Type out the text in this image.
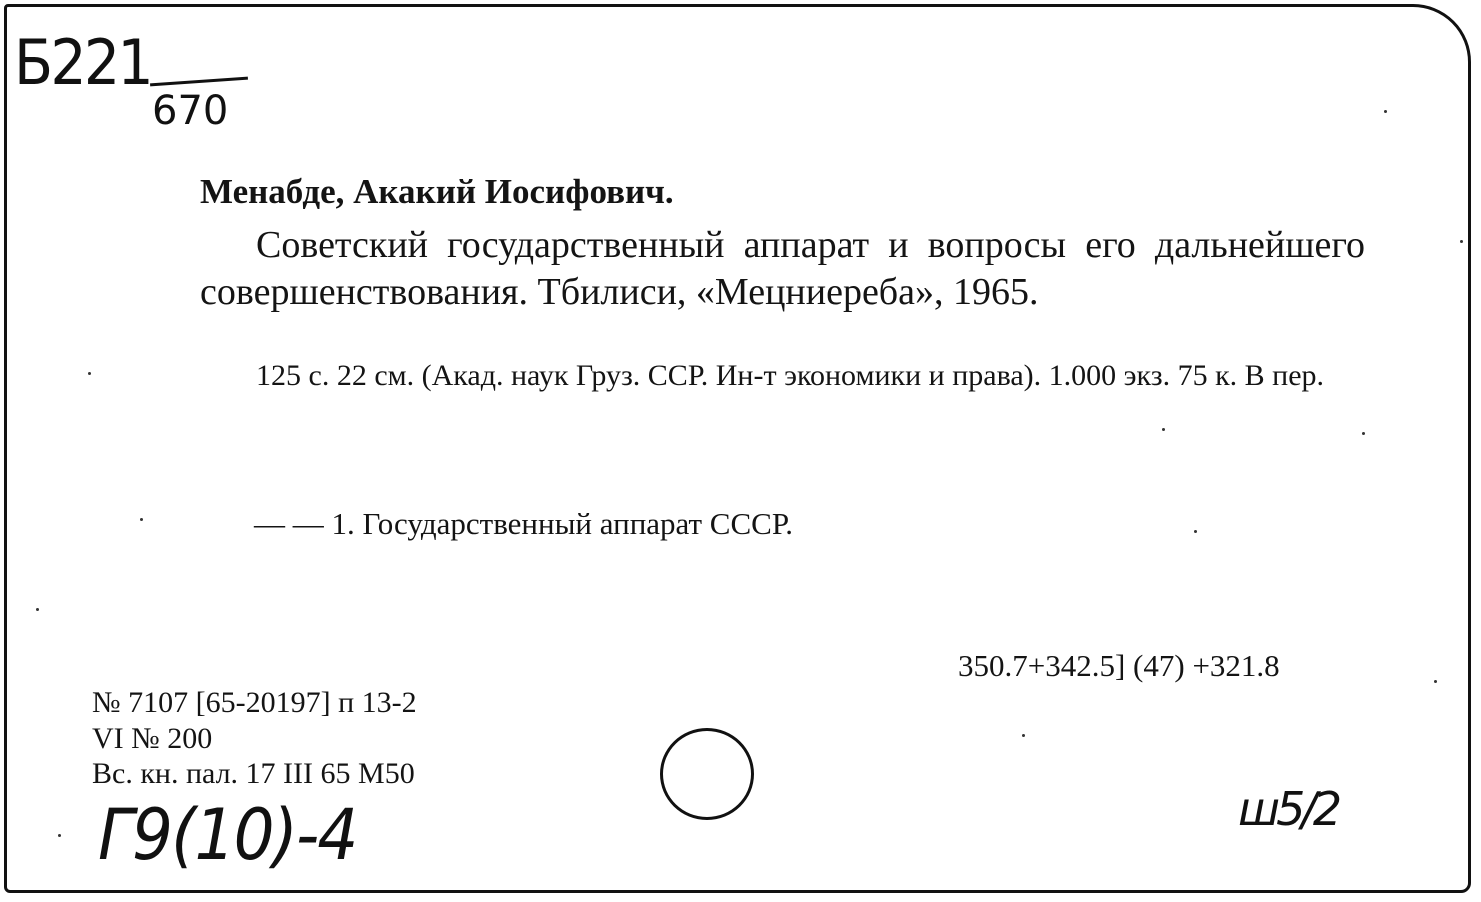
Б221
670
Менабде, Акакий Иосифович.
Советский государственный аппарат и вопросы его дальнейшего совершенствования. Тбилиси, «Мецниереба», 1965.
125 с. 22 см. (Акад. наук Груз. ССР. Ин-т экономики и права). 1.000 экз. 75 к. В пер.
— — 1. Государственный аппарат СССР.
350.7+342.5] (47) +321.8
№ 7107 [65-20197] п 13-2
VI № 200
Вс. кн. пал. 17 III 65 М50
Г9(10)-4	ш5/2
